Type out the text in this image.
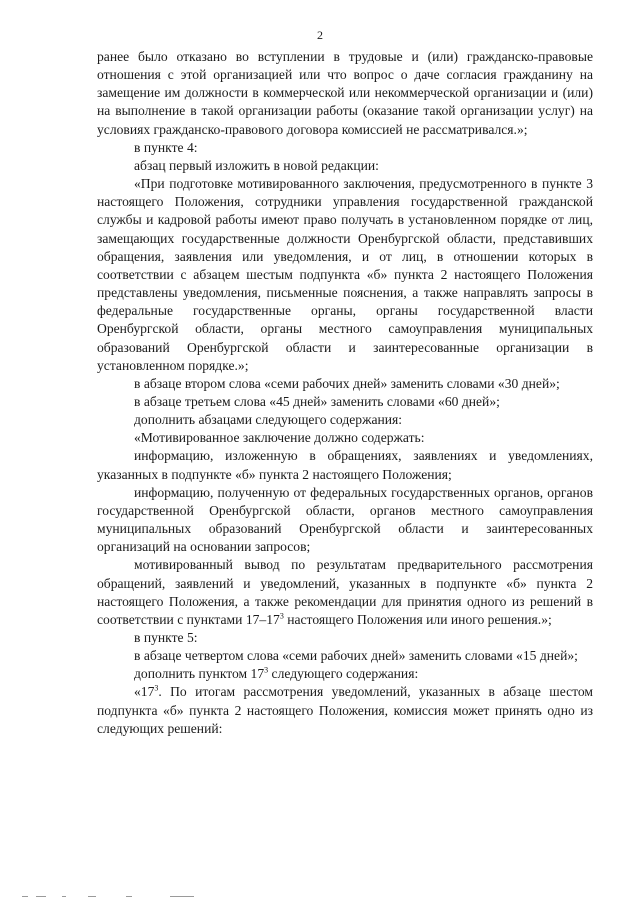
2

ранее было отказано во вступлении в трудовые и (или) гражданско-правовые отношения с этой организацией или что вопрос о даче согласия гражданину на замещение им должности в коммерческой или некоммерческой организации и (или) на выполнение в такой организации работы (оказание такой организации услуг) на условиях гражданско-правового договора комиссией не рассматривался.»;

в пункте 4:

абзац первый изложить в новой редакции:

«При подготовке мотивированного заключения, предусмотренного в пункте 3 настоящего Положения, сотрудники управления государственной гражданской службы и кадровой работы имеют право получать в установленном порядке от лиц, замещающих государственные должности Оренбургской области, представивших обращения, заявления или уведомления, и от лиц, в отношении которых в соответствии с абзацем шестым подпункта «б» пункта 2 настоящего Положения представлены уведомления, письменные пояснения, а также направлять запросы в федеральные государственные органы, органы государственной власти Оренбургской области, органы местного самоуправления муниципальных образований Оренбургской области и заинтересованные организации в установленном порядке.»;

в абзаце втором слова «семи рабочих дней» заменить словами «30 дней»;

в абзаце третьем слова «45 дней» заменить словами «60 дней»;

дополнить абзацами следующего содержания:

«Мотивированное заключение должно содержать:

информацию, изложенную в обращениях, заявлениях и уведомлениях, указанных в подпункте «б» пункта 2 настоящего Положения;

информацию, полученную от федеральных государственных органов, органов государственной Оренбургской области, органов местного самоуправления муниципальных образований Оренбургской области и заинтересованных организаций на основании запросов;

мотивированный вывод по результатам предварительного рассмотрения обращений, заявлений и уведомлений, указанных в подпункте «б» пункта 2 настоящего Положения, а также рекомендации для принятия одного из решений в соответствии с пунктами $17-17^3$ настоящего Положения или иного решения.»;

в пункте 5:

в абзаце четвертом слова «семи рабочих дней» заменить словами «15 дней»;

дополнить пунктом $17^3$ следующего содержания:

«$17^3$. По итогам рассмотрения уведомлений, указанных в абзаце шестом подпункта «б» пункта 2 настоящего Положения, комиссия может принять одно из следующих решений:
